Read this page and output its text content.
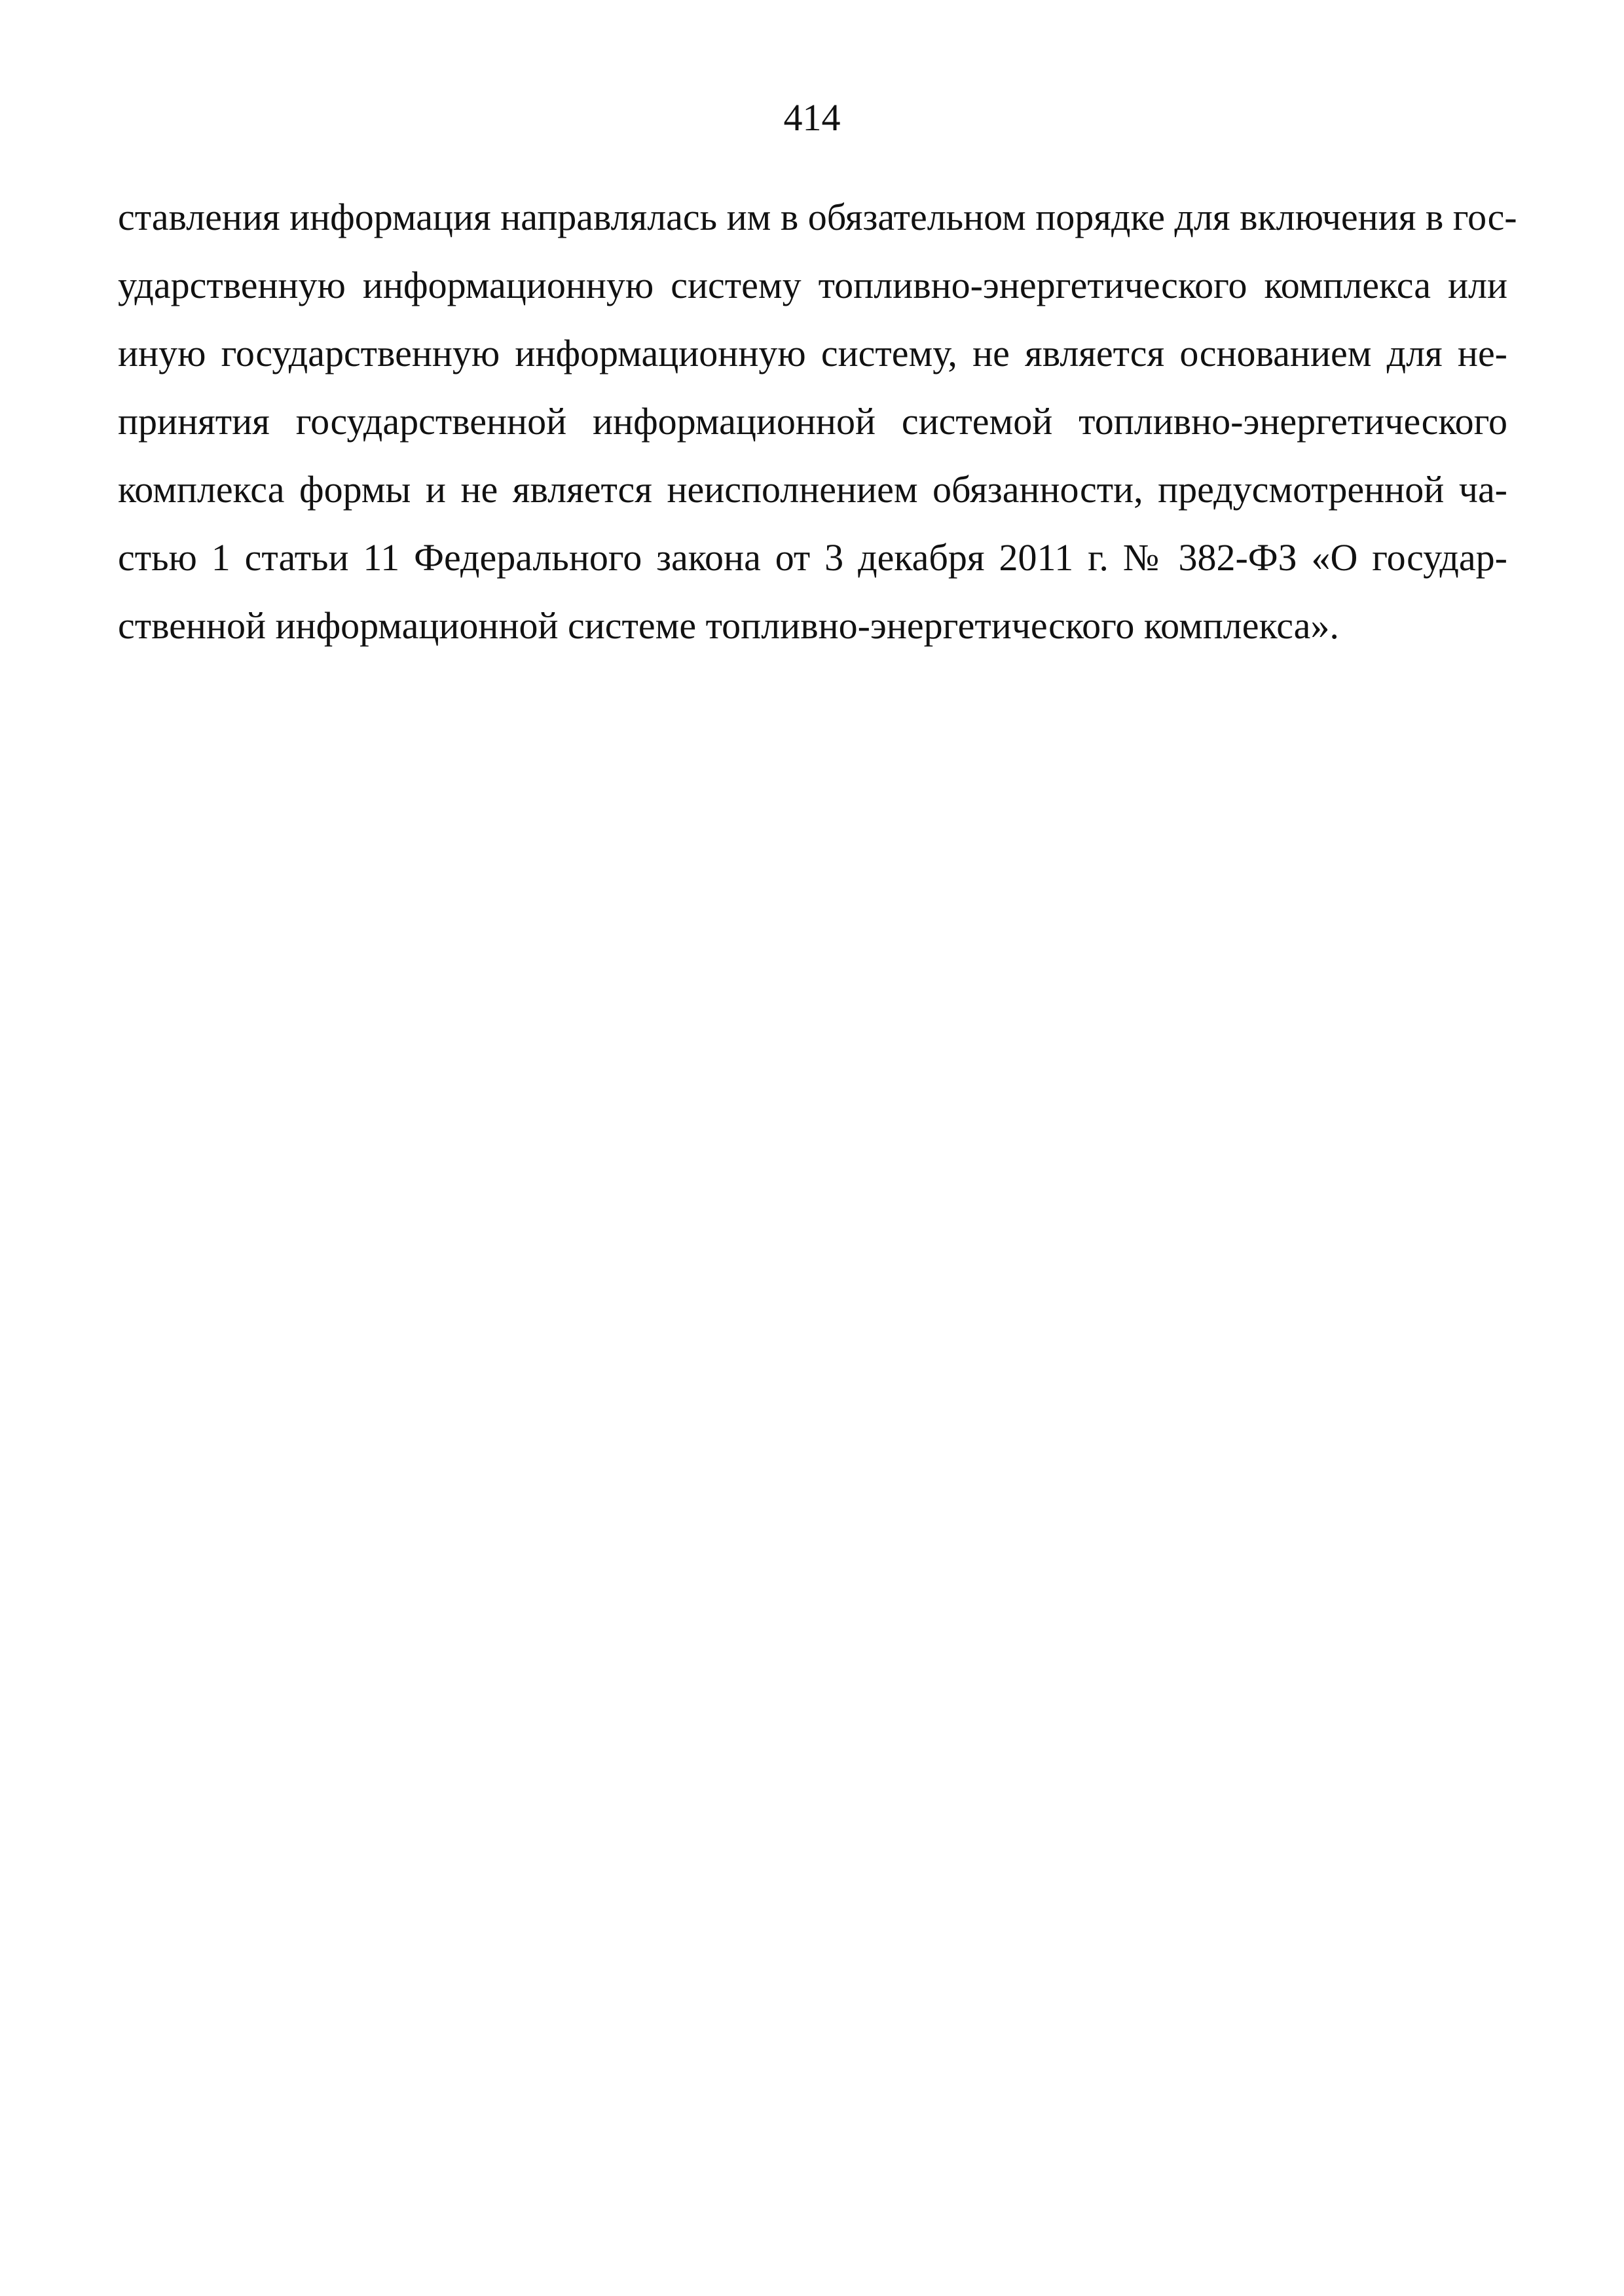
414
ставления информация направлялась им в обязательном порядке для включения в гос-
ударственную информационную систему топливно-энергетического комплекса или
иную государственную информационную систему, не является основанием для не-
принятия государственной информационной системой топливно-энергетического
комплекса формы и не является неисполнением обязанности, предусмотренной ча-
стью 1 статьи 11 Федерального закона от 3 декабря 2011 г. № 382-ФЗ «О государ-
ственной информационной системе топливно-энергетического комплекса».
